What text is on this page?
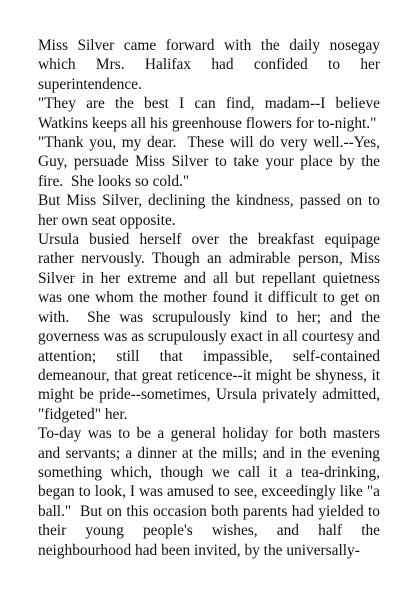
Miss Silver came forward with the daily nosegay which Mrs. Halifax had confided to her superintendence.

"They are the best I can find, madam--I believe Watkins keeps all his greenhouse flowers for to-night."

"Thank you, my dear.  These will do very well.--Yes, Guy, persuade Miss Silver to take your place by the fire.  She looks so cold."

But Miss Silver, declining the kindness, passed on to her own seat opposite.

Ursula busied herself over the breakfast equipage rather nervously. Though an admirable person, Miss Silver in her extreme and all but repellant quietness was one whom the mother found it difficult to get on with.  She was scrupulously kind to her; and the governess was as scrupulously exact in all courtesy and attention; still that impassible, self-contained demeanour, that great reticence--it might be shyness, it might be pride--sometimes, Ursula privately admitted, "fidgeted" her.

To-day was to be a general holiday for both masters and servants; a dinner at the mills; and in the evening something which, though we call it a tea-drinking, began to look, I was amused to see, exceedingly like "a ball."  But on this occasion both parents had yielded to their young people's wishes, and half the neighbourhood had been invited, by the universally-
